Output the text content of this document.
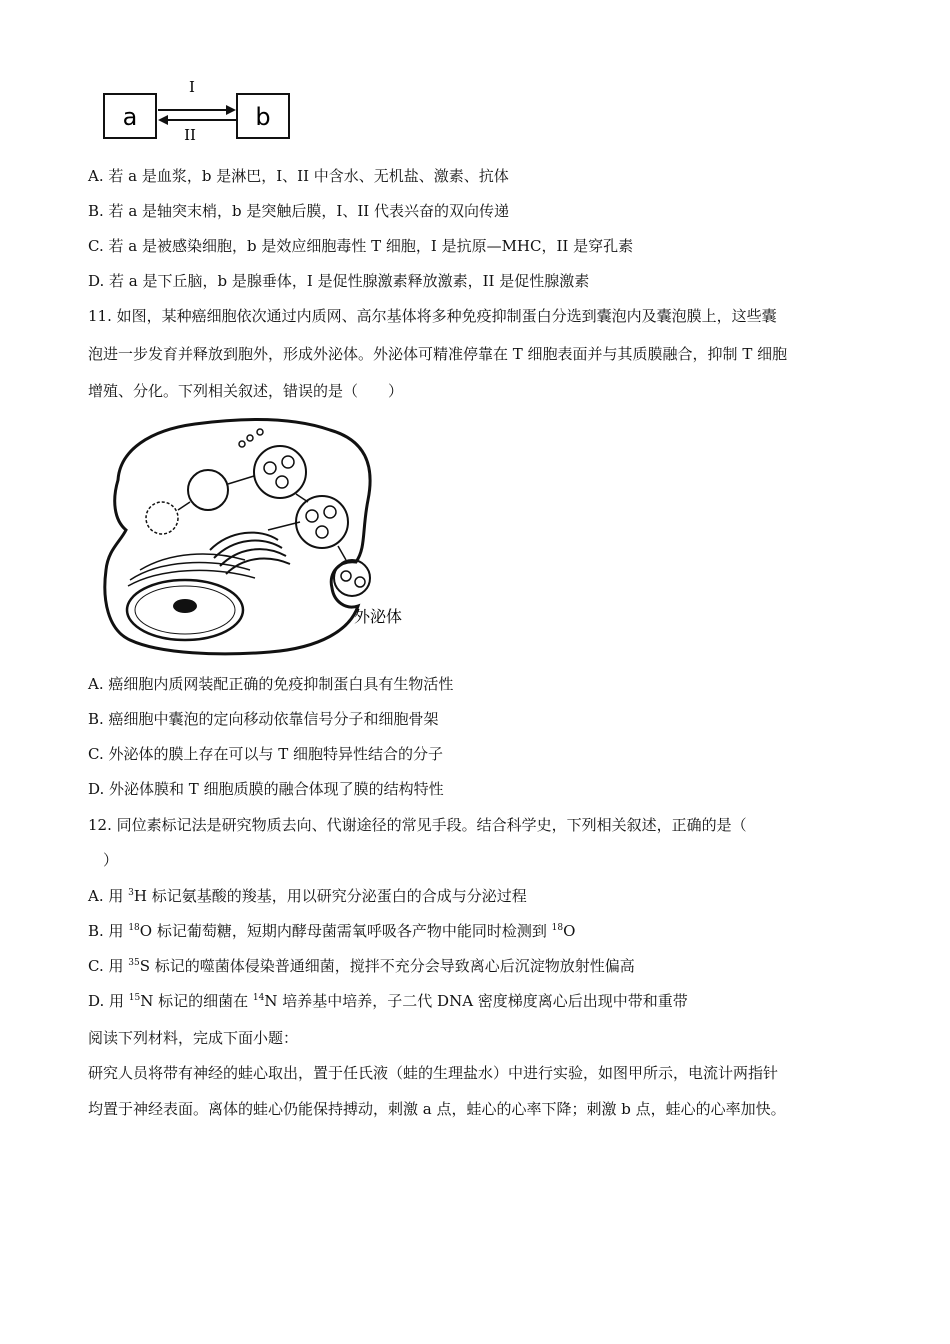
a	b
I
II
A. 若 a 是血浆，b 是淋巴，I、II 中含水、无机盐、激素、抗体
B. 若 a 是轴突末梢，b 是突触后膜，I、II 代表兴奋的双向传递
C. 若 a 是被感染细胞，b 是效应细胞毒性 T 细胞，I 是抗原—MHC，II 是穿孔素
D. 若 a 是下丘脑，b 是腺垂体，I 是促性腺激素释放激素，II 是促性腺激素
11. 如图，某种癌细胞依次通过内质网、高尔基体将多种免疫抑制蛋白分选到囊泡内及囊泡膜上，这些囊
泡进一步发育并释放到胞外，形成外泌体。外泌体可精准停靠在 T 细胞表面并与其质膜融合，抑制 T 细胞
增殖、分化。下列相关叙述，错误的是（　　）
外泌体
A. 癌细胞内质网装配正确的免疫抑制蛋白具有生物活性
B. 癌细胞中囊泡的定向移动依靠信号分子和细胞骨架
C. 外泌体的膜上存在可以与 T 细胞特异性结合的分子
D. 外泌体膜和 T 细胞质膜的融合体现了膜的结构特性
12. 同位素标记法是研究物质去向、代谢途径的常见手段。结合科学史，下列相关叙述，正确的是（
　）
A. 用 $^3$H 标记氨基酸的羧基，用以研究分泌蛋白的合成与分泌过程
B. 用 $^{18}$O 标记葡萄糖，短期内酵母菌需氧呼吸各产物中能同时检测到 $^{18}$O
C. 用 $^{35}$S 标记的噬菌体侵染普通细菌，搅拌不充分会导致离心后沉淀物放射性偏高
D. 用 $^{15}$N 标记的细菌在 $^{14}$N 培养基中培养，子二代 DNA 密度梯度离心后出现中带和重带
阅读下列材料，完成下面小题：
研究人员将带有神经的蛙心取出，置于任氏液（蛙的生理盐水）中进行实验，如图甲所示，电流计两指针
均置于神经表面。离体的蛙心仍能保持搏动，刺激 a 点，蛙心的心率下降；刺激 b 点，蛙心的心率加快。
